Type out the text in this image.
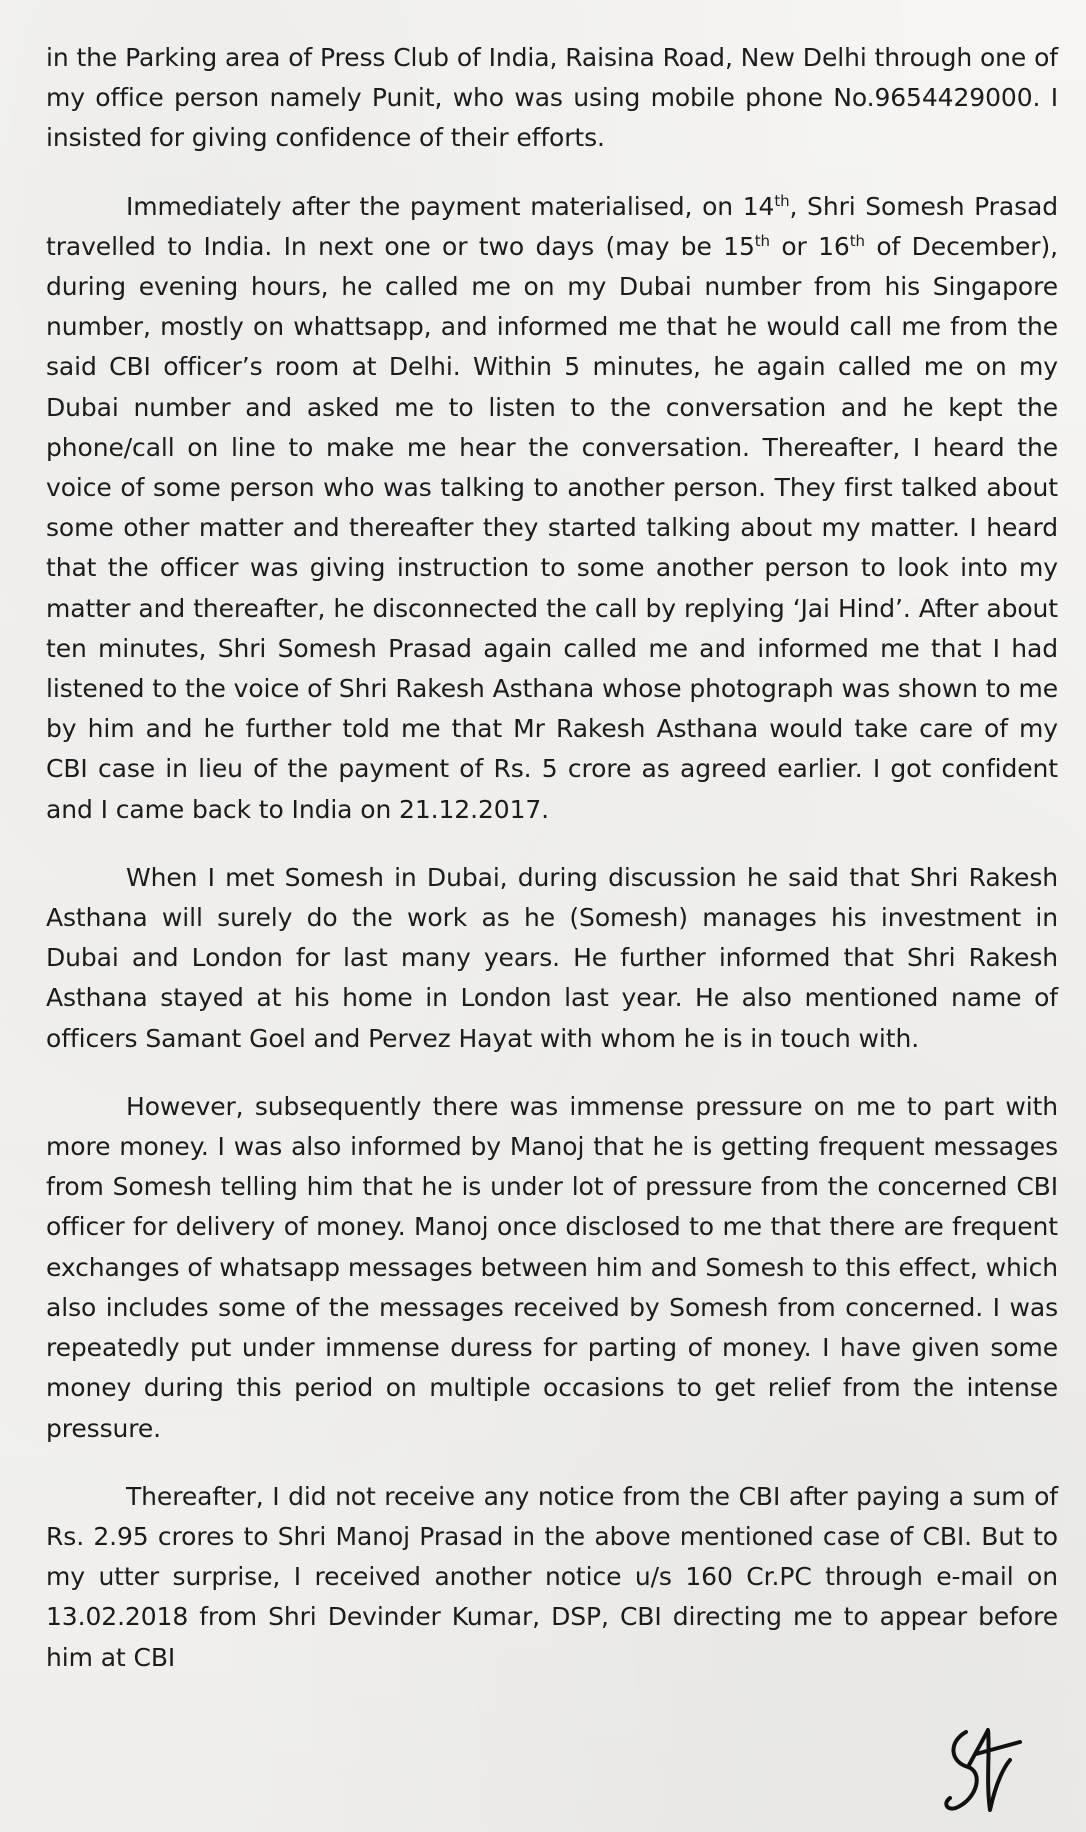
in the Parking area of Press Club of India, Raisina Road, New Delhi through one of my office person namely Punit, who was using mobile phone No.9654429000. I insisted for giving confidence of their efforts.

Immediately after the payment materialised, on 14th, Shri Somesh Prasad travelled to India. In next one or two days (may be 15th or 16th of December), during evening hours, he called me on my Dubai number from his Singapore number, mostly on whattsapp, and informed me that he would call me from the said CBI officer’s room at Delhi. Within 5 minutes, he again called me on my Dubai number and asked me to listen to the conversation and he kept the phone/call on line to make me hear the conversation. Thereafter, I heard the voice of some person who was talking to another person. They first talked about some other matter and thereafter they started talking about my matter. I heard that the officer was giving instruction to some another person to look into my matter and thereafter, he disconnected the call by replying ‘Jai Hind’. After about ten minutes, Shri Somesh Prasad again called me and informed me that I had listened to the voice of Shri Rakesh Asthana whose photograph was shown to me by him and he further told me that Mr Rakesh Asthana would take care of my CBI case in lieu of the payment of Rs. 5 crore as agreed earlier. I got confident and I came back to India on 21.12.2017.

When I met Somesh in Dubai, during discussion he said that Shri Rakesh Asthana will surely do the work as he (Somesh) manages his investment in Dubai and London for last many years. He further informed that Shri Rakesh Asthana stayed at his home in London last year. He also mentioned name of officers Samant Goel and Pervez Hayat with whom he is in touch with.

However, subsequently there was immense pressure on me to part with more money. I was also informed by Manoj that he is getting frequent messages from Somesh telling him that he is under lot of pressure from the concerned CBI officer for delivery of money. Manoj once disclosed to me that there are frequent exchanges of whatsapp messages between him and Somesh to this effect, which also includes some of the messages received by Somesh from concerned. I was repeatedly put under immense duress for parting of money. I have given some money during this period on multiple occasions to get relief from the intense pressure.

Thereafter, I did not receive any notice from the CBI after paying a sum of Rs. 2.95 crores to Shri Manoj Prasad in the above mentioned case of CBI. But to my utter surprise, I received another notice u/s 160 Cr.PC through e-mail on 13.02.2018 from Shri Devinder Kumar, DSP, CBI directing me to appear before him at CBI
